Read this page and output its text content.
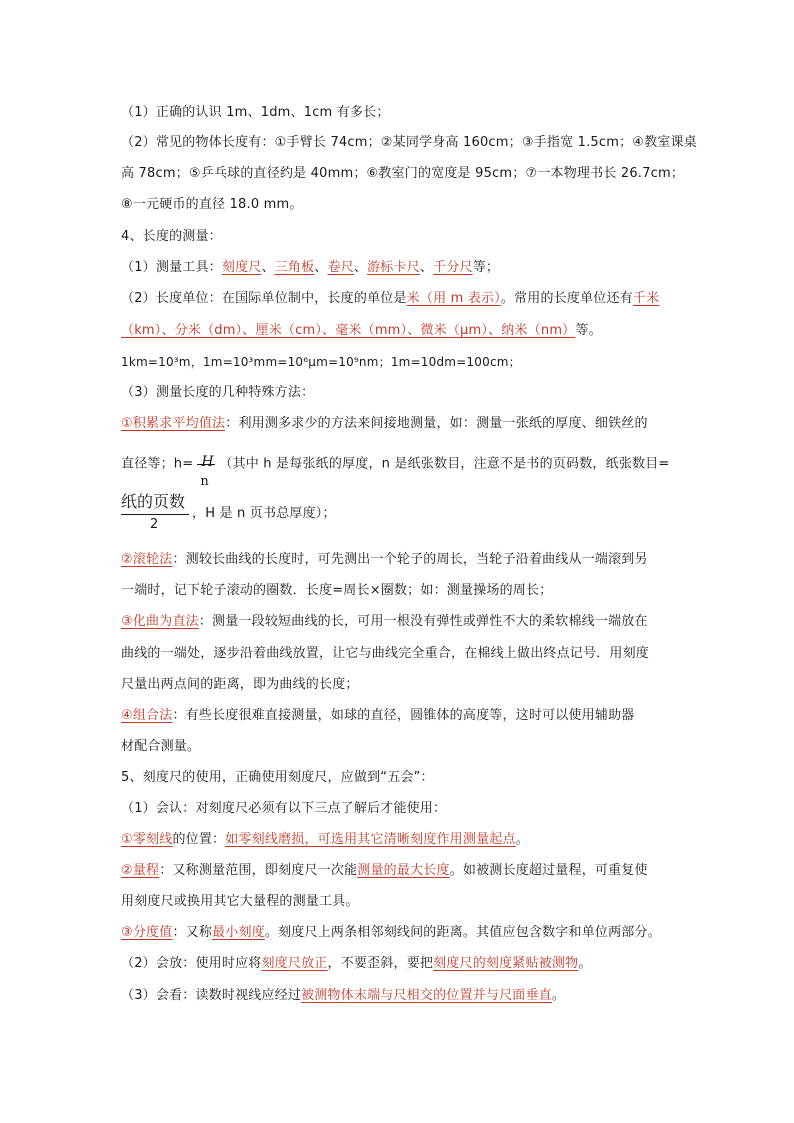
（1）正确的认识 1m、1dm、1cm 有多长；
（2）常见的物体长度有：①手臂长 74cm；②某同学身高 160cm；③手指宽 1.5cm；④教室课桌
高 78cm；⑤乒乓球的直径约是 40mm；⑥教室门的宽度是 95cm；⑦一本物理书长 26.7cm；
⑧一元硬币的直径 18.0 mm。
4、长度的测量：
（1）测量工具：刻度尺、三角板、卷尺、游标卡尺、千分尺等；
（2）长度单位：在国际单位制中，长度的单位是米（用 m 表示）。常用的长度单位还有千米
（km）、分米（dm）、厘米（cm）、毫米（mm）、微米（μm）、纳米（nm）等。
1km=10³m，1m=10³mm=10⁶μm=10⁹nm；1m=10dm=100cm；
（3）测量长度的几种特殊方法：
①积累求平均值法：利用测多求少的方法来间接地测量，如：测量一张纸的厚度、细铁丝的
直径等；h= H
n
（其中 h 是每张纸的厚度，n 是纸张数目，注意不是书的页码数，纸张数目=
纸的页数
2
，H 是 n 页书总厚度）；
②滚轮法：测较长曲线的长度时，可先测出一个轮子的周长，当轮子沿着曲线从一端滚到另
一端时，记下轮子滚动的圈数．长度=周长×圈数；如：测量操场的周长；
③化曲为直法：测量一段较短曲线的长，可用一根没有弹性或弹性不大的柔软棉线一端放在
曲线的一端处，逐步沿着曲线放置，让它与曲线完全重合，在棉线上做出终点记号．用刻度
尺量出两点间的距离，即为曲线的长度；
④组合法：有些长度很难直接测量，如球的直径，圆锥体的高度等，这时可以使用辅助器
材配合测量。
5、刻度尺的使用，正确使用刻度尺，应做到“五会”：
（1）会认：对刻度尺必须有以下三点了解后才能使用：
①零刻线的位置：如零刻线磨损，可选用其它清晰刻度作用测量起点。
②量程：又称测量范围，即刻度尺一次能测量的最大长度。如被测长度超过量程，可重复使
用刻度尺或换用其它大量程的测量工具。
③分度值：又称最小刻度。刻度尺上两条相邻刻线间的距离。其值应包含数字和单位两部分。
（2）会放：使用时应将刻度尺放正，不要歪斜，要把刻度尺的刻度紧贴被测物。
（3）会看：读数时视线应经过被测物体末端与尺相交的位置并与尺面垂直。
